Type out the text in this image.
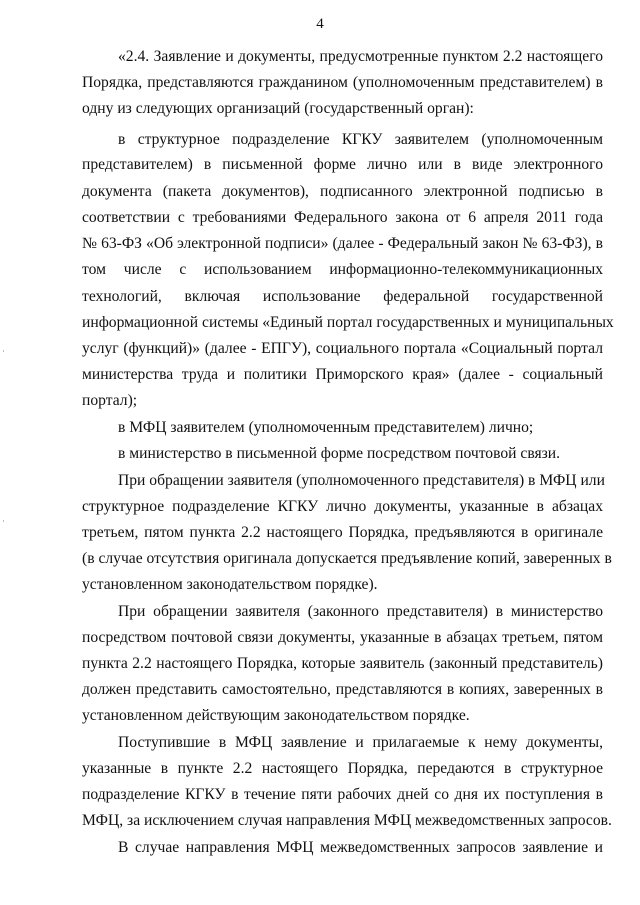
4
«2.4. Заявление и документы, предусмотренные пунктом 2.2 настоящего
Порядка, представляются гражданином (уполномоченным представителем) в
одну из следующих организаций (государственный орган):
в структурное подразделение КГКУ заявителем (уполномоченным
представителем) в письменной форме лично или в виде электронного
документа (пакета документов), подписанного электронной подписью в
соответствии с требованиями Федерального закона от 6 апреля 2011 года
№ 63-ФЗ «Об электронной подписи» (далее - Федеральный закон № 63-ФЗ), в
том числе с использованием информационно-телекоммуникационных
технологий, включая использование федеральной государственной
информационной системы «Единый портал государственных и муниципальных
услуг (функций)» (далее - ЕПГУ), социального портала «Социальный портал
министерства труда и политики Приморского края» (далее - социальный
портал);
в МФЦ заявителем (уполномоченным представителем) лично;
в министерство в письменной форме посредством почтовой связи.
При обращении заявителя (уполномоченного представителя) в МФЦ или
структурное подразделение КГКУ лично документы, указанные в абзацах
третьем, пятом пункта 2.2 настоящего Порядка, предъявляются в оригинале
(в случае отсутствия оригинала допускается предъявление копий, заверенных в
установленном законодательством порядке).
При обращении заявителя (законного представителя) в министерство
посредством почтовой связи документы, указанные в абзацах третьем, пятом
пункта 2.2 настоящего Порядка, которые заявитель (законный представитель)
должен представить самостоятельно, представляются в копиях, заверенных в
установленном действующим законодательством порядке.
Поступившие в МФЦ заявление и прилагаемые к нему документы,
указанные в пункте 2.2 настоящего Порядка, передаются в структурное
подразделение КГКУ в течение пяти рабочих дней со дня их поступления в
МФЦ, за исключением случая направления МФЦ межведомственных запросов.
В случае направления МФЦ межведомственных запросов заявление и
